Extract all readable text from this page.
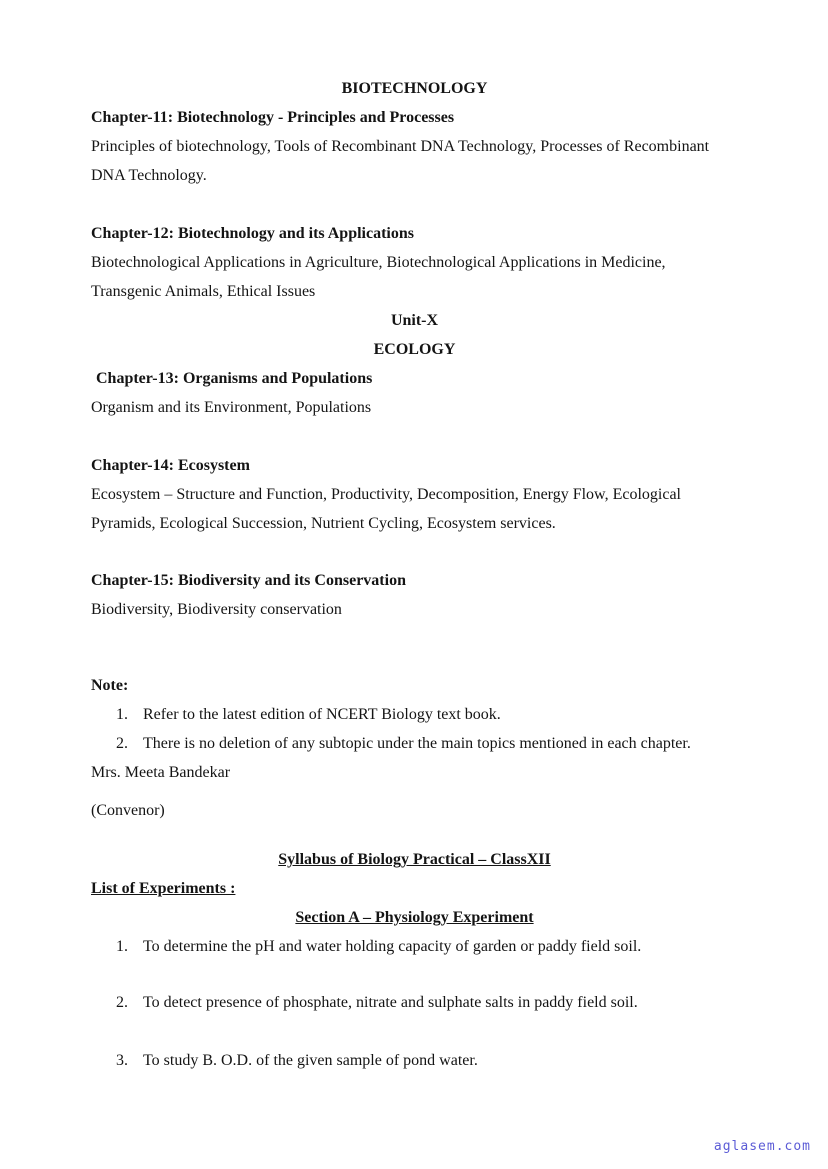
BIOTECHNOLOGY
Chapter-11: Biotechnology - Principles and Processes
Principles of biotechnology, Tools of Recombinant DNA Technology, Processes of Recombinant DNA Technology.
Chapter-12: Biotechnology and its Applications
Biotechnological Applications in Agriculture, Biotechnological Applications in Medicine, Transgenic Animals, Ethical Issues
Unit-X
ECOLOGY
Chapter-13: Organisms and Populations
Organism and its Environment, Populations
Chapter-14: Ecosystem
Ecosystem – Structure and Function, Productivity, Decomposition, Energy Flow, Ecological Pyramids, Ecological Succession, Nutrient Cycling, Ecosystem services.
Chapter-15: Biodiversity and its Conservation
Biodiversity, Biodiversity conservation
Note:
1. Refer to the latest edition of NCERT Biology text book.
2. There is no deletion of any subtopic under the main topics mentioned in each chapter.
Mrs. Meeta Bandekar
(Convenor)
Syllabus of Biology Practical – ClassXII
List of Experiments :
Section A – Physiology Experiment
1. To determine the pH and water holding capacity of garden or paddy field soil.
2. To detect presence of phosphate, nitrate and sulphate salts in paddy field soil.
3. To study B. O.D. of the given sample of pond water.
aglasem.com
